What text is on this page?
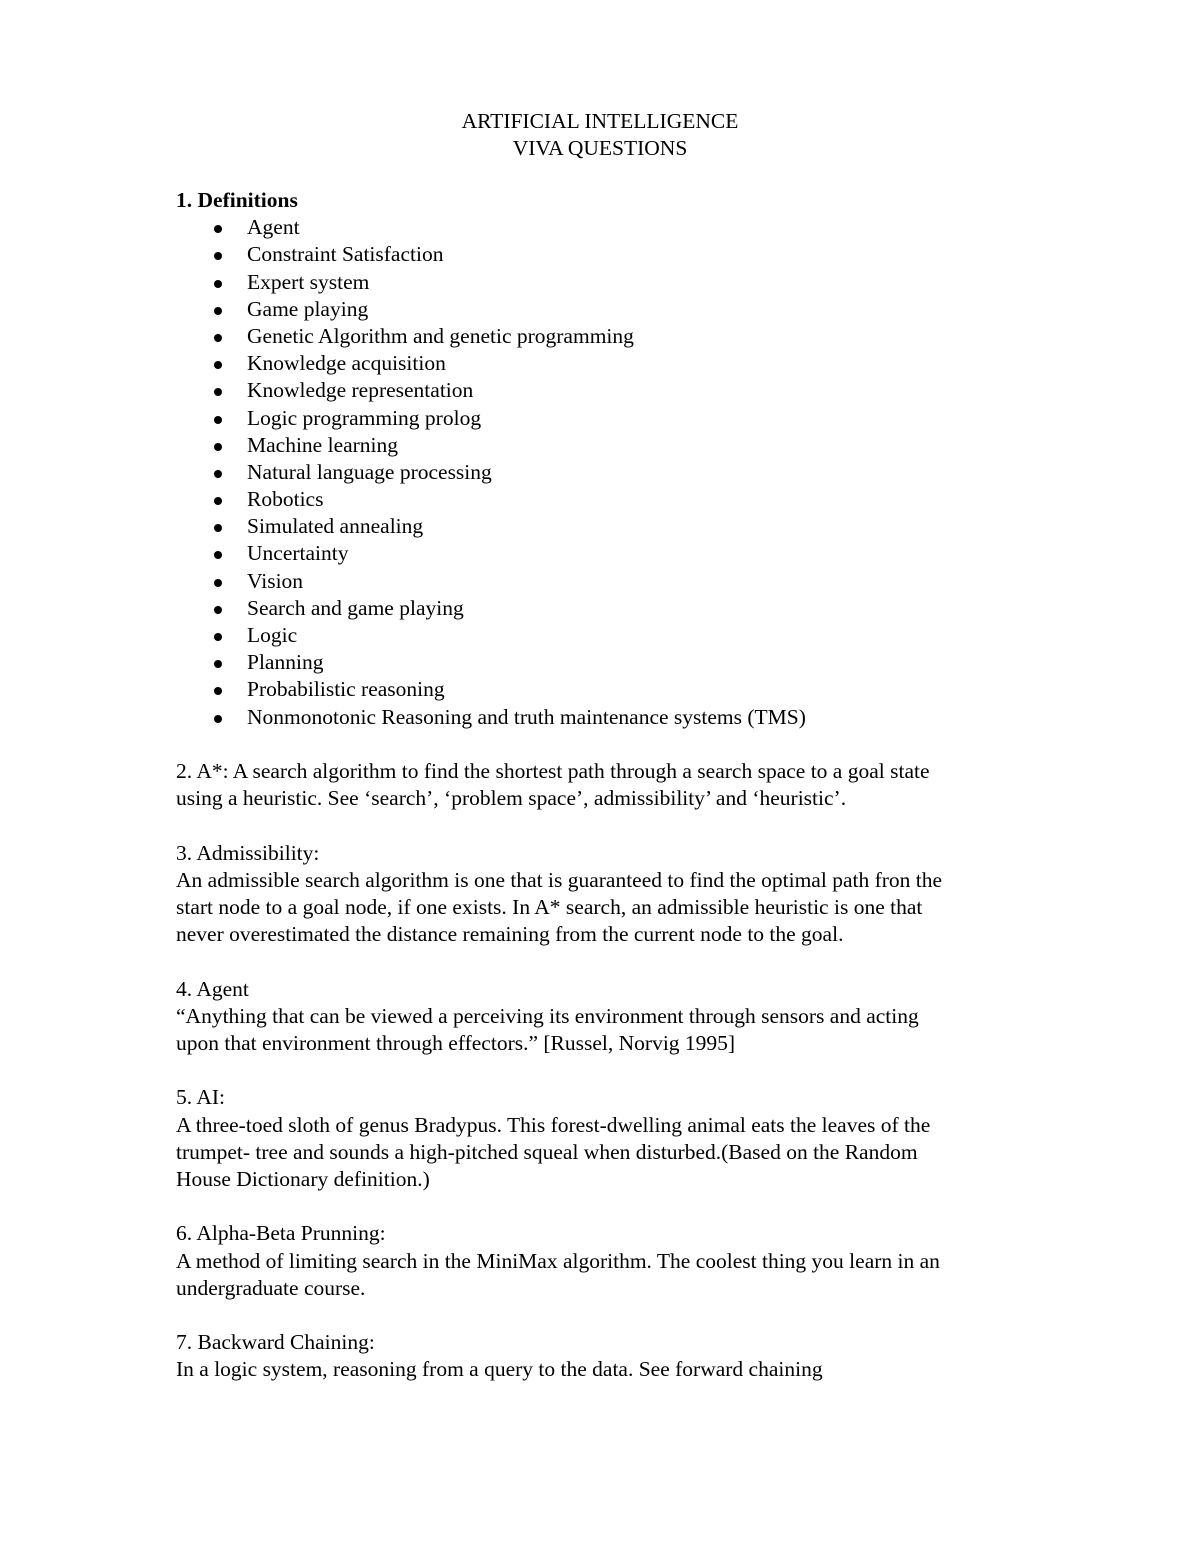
ARTIFICIAL INTELLIGENCE
VIVA QUESTIONS
1. Definitions
Agent
Constraint Satisfaction
Expert system
Game playing
Genetic Algorithm and genetic programming
Knowledge acquisition
Knowledge representation
Logic programming prolog
Machine learning
Natural language processing
Robotics
Simulated annealing
Uncertainty
Vision
Search and game playing
Logic
Planning
Probabilistic reasoning
Nonmonotonic Reasoning and truth maintenance systems (TMS)

2. A*: A search algorithm to find the shortest path through a search space to a goal state

using a heuristic. See ‘search’, ‘problem space’, admissibility’ and ‘heuristic’.

3. Admissibility:

An admissible search algorithm is one that is guaranteed to find the optimal path fron the

start node to a goal node, if one exists. In A* search, an admissible heuristic is one that

never overestimated the distance remaining from the current node to the goal.

4. Agent

“Anything that can be viewed a perceiving its environment through sensors and acting

upon that environment through effectors.” [Russel, Norvig 1995]

5. AI:

A three-toed sloth of genus Bradypus. This forest-dwelling animal eats the leaves of the

trumpet- tree and sounds a high-pitched squeal when disturbed.(Based on the Random

House Dictionary definition.)

6. Alpha-Beta Prunning:

A method of limiting search in the MiniMax algorithm. The coolest thing you learn in an

undergraduate course.

7. Backward Chaining:

In a logic system, reasoning from a query to the data. See forward chaining
